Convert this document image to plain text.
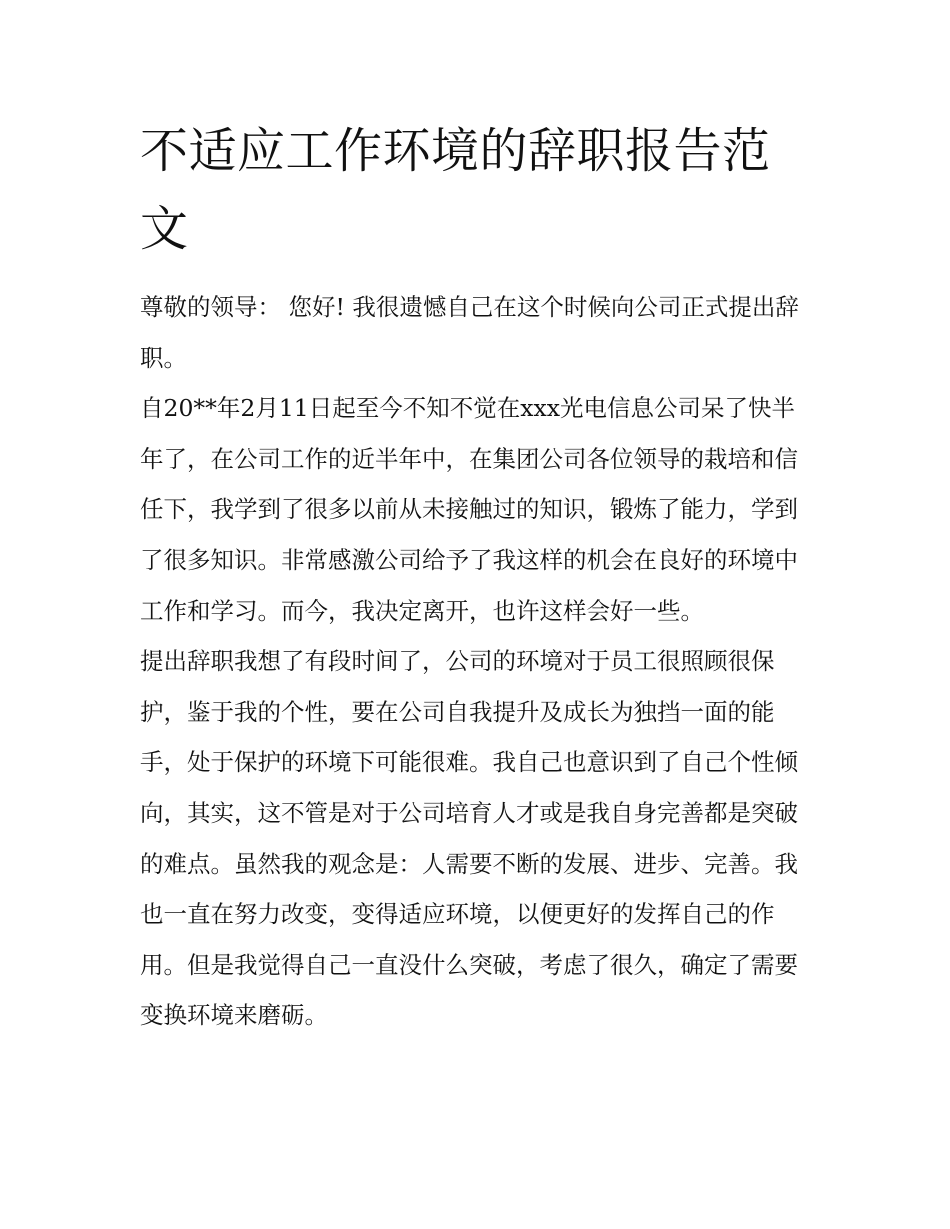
不适应工作环境的辞职报告范文

尊敬的领导： 您好! 我很遗憾自己在这个时候向公司正式提出辞职。

自20**年2月11日起至今不知不觉在xxx光电信息公司呆了快半年了，在公司工作的近半年中，在集团公司各位领导的栽培和信任下，我学到了很多以前从未接触过的知识，锻炼了能力，学到了很多知识。非常感激公司给予了我这样的机会在良好的环境中工作和学习。而今，我决定离开，也许这样会好一些。

提出辞职我想了有段时间了，公司的环境对于员工很照顾很保护，鉴于我的个性，要在公司自我提升及成长为独挡一面的能手，处于保护的环境下可能很难。我自己也意识到了自己个性倾向，其实，这不管是对于公司培育人才或是我自身完善都是突破的难点。虽然我的观念是：人需要不断的发展、进步、完善。我也一直在努力改变，变得适应环境，以便更好的发挥自己的作用。但是我觉得自己一直没什么突破，考虑了很久，确定了需要变换环境来磨砺。
